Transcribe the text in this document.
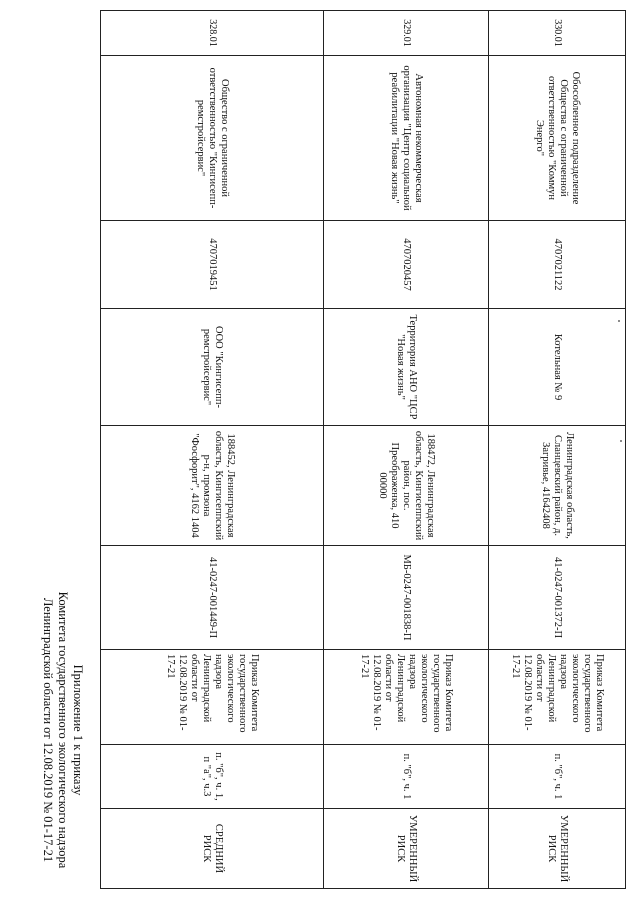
Приложение 1 к приказу
Комитета государственного экологического надзора
Ленинградской области от 12.08.2019 № 01-17-21
330.01	Обособленное подразделение Общества с ограниченной ответственностью "Коммун Энерго"	4707021122	Котельная № 9	Ленинградская область, Сланцевский район, д. Загривье, 41642408	41-0247-001372-П	Приказ Комитета государственного экологического надзора Ленинградской области от 12.08.2019 № 01-17-21	п. "б", ч. 1	УМЕРЕННЫЙ РИСК
329.01	Автономная некоммерческая организация "Центр социальной реабилитации "Новая жизнь"	4707020457	Территория АНО "ЦСР "Новая жизнь"	188472, Ленинградская область, Кингисеппский район, пос. Преображенка, 410 00000	МБ-0247-001838-П	Приказ Комитета государственного экологического надзора Ленинградской области от 12.08.2019 № 01-17-21	п. "б", ч. 1	УМЕРЕННЫЙ РИСК
328.01	Общество с ограниченной ответственностью "Кингисепп-ремстройсервис"	4707019451	ООО "Кингисепп-ремстройсервис"	188452, Ленинградская область, Кингисеппский р-н, промзона "Фосфорит", 4162 1404	41-0247-001449-П	Приказ Комитета государственного экологического надзора Ленинградской области от 12.08.2019 № 01-17-21	п. "б", ч. 1, п "а", ч.3	СРЕДНИЙ РИСК
